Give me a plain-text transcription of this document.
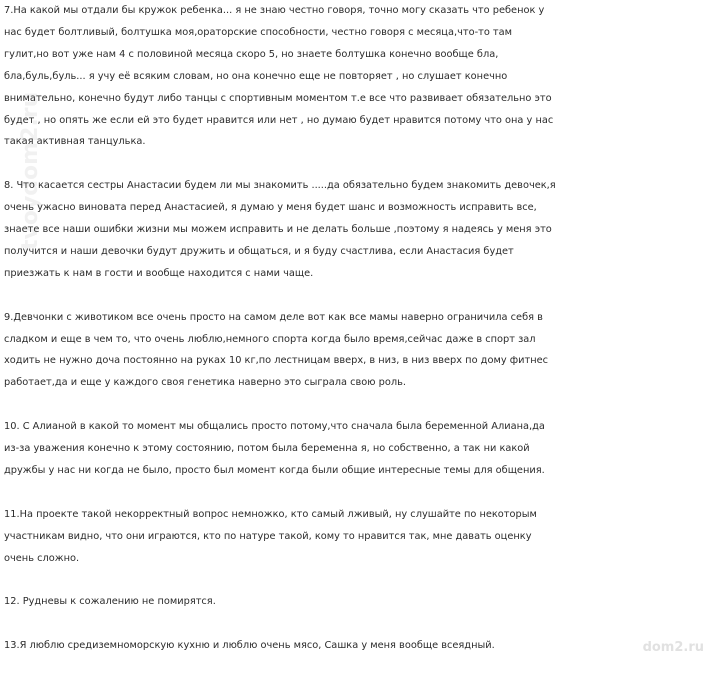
7.На какой мы отдали бы кружок ребенка... я не знаю честно говоря, точно могу сказать что ребенок у
нас будет болтливый, болтушка моя,ораторские способности, честно говоря с месяца,что-то там
гулит,но вот уже нам 4 с половиной месяца скоро 5, но знаете болтушка конечно вообще бла,
бла,буль,буль... я учу её всяким словам, но она конечно еще не повторяет , но слушает конечно
внимательно, конечно будут либо танцы с спортивным моментом т.е все что развивает обязательно это
будет , но опять же если ей это будет нравится или нет , но думаю будет нравится потому что она у нас
такая активная танцулька.

8. Что касается сестры Анастасии будем ли мы знакомить .....да обязательно будем знакомить девочек,я
очень ужасно виновата перед Анастасией, я думаю у меня будет шанс и возможность исправить все,
знаете все наши ошибки жизни мы можем исправить и не делать больше ,поэтому я надеясь у меня это
получится и наши девочки будут дружить и общаться, и я буду счастлива, если Анастасия будет
приезжать к нам в гости и вообще находится с нами чаще.

9.Девчонки с животиком все очень просто на самом деле вот как все мамы наверно ограничила себя в
сладком и еще в чем то, что очень люблю,немного спорта когда было время,сейчас даже в спорт зал
ходить не нужно доча постоянно на руках 10 кг,по лестницам вверх, в низ, в низ вверх по дому фитнес
работает,да и еще у каждого своя генетика наверно это сыграла свою роль.

10. С Алианой в какой то момент мы общались просто потому,что сначала была беременной Алиана,да
из-за уважения конечно к этому состоянию, потом была беременна я, но собственно, а так ни какой
дружбы у нас ни когда не было, просто был момент когда были общие интересные темы для общения.

11.На проекте такой некорректный вопрос немножко, кто самый лживый, ну слушайте по некоторым
участникам видно, что они играются, кто по натуре такой, кому то нравится так, мне давать оценку
очень сложно.

12. Рудневы к сожалению не помирятся.

13.Я люблю средиземноморскую кухню и люблю очень мясо, Сашка у меня вообще всеядный.

tvoydom2.ru
dom2.ru
